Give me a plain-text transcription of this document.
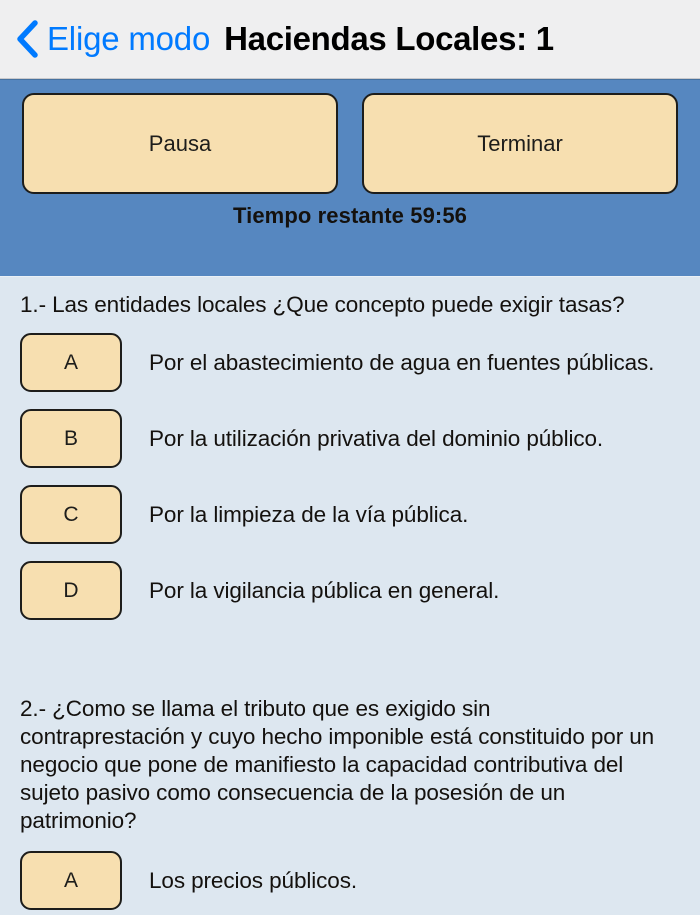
Elige modo Haciendas Locales: 1
Pausa	Terminar
Tiempo restante 59:56
1.- Las entidades locales ¿Que concepto puede exigir tasas?
A	Por el abastecimiento de agua en fuentes públicas.
B	Por la utilización privativa del dominio público.
C	Por la limpieza de la vía pública.
D	Por la vigilancia pública en general.
2.- ¿Como se llama el tributo que es exigido sin contraprestación y cuyo hecho imponible está constituido por un negocio que pone de manifiesto la capacidad contributiva del sujeto pasivo como consecuencia de la posesión de un patrimonio?
A	Los precios públicos.
